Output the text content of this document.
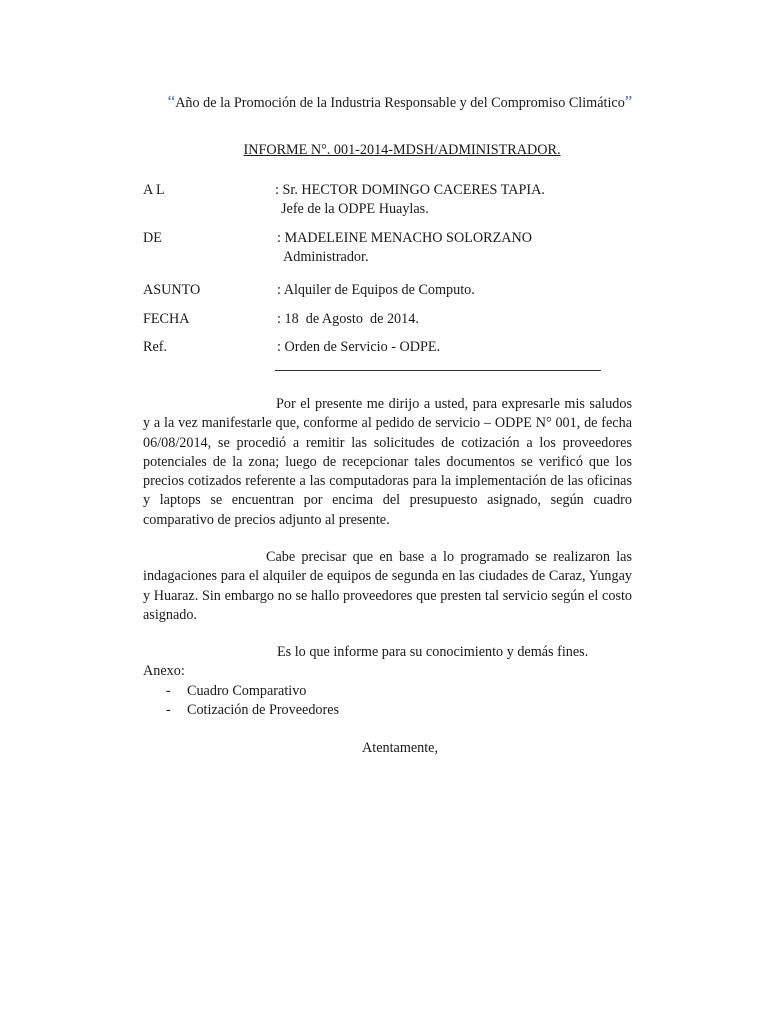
“Año de la Promoción de la Industria Responsable y del Compromiso Climático”
INFORME N°. 001-2014-MDSH/ADMINISTRADOR.
A L	: Sr. HECTOR DOMINGO CACERES TAPIA.
Jefe de la ODPE Huaylas.
DE	: MADELEINE MENACHO SOLORZANO
Administrador.
ASUNTO	: Alquiler de Equipos de Computo.
FECHA	: 18  de Agosto  de 2014.
Ref.	: Orden de Servicio - ODPE.
Por el presente me dirijo a usted, para expresarle mis saludos y a la vez manifestarle que, conforme al pedido de servicio – ODPE N° 001, de fecha 06/08/2014, se procedió a remitir las solicitudes de cotización a los proveedores potenciales de la zona; luego de recepcionar tales documentos se verificó que los precios cotizados referente a las computadoras para la implementación de las oficinas y laptops se encuentran por encima del presupuesto asignado, según cuadro comparativo de precios adjunto al presente.
Cabe precisar que en base a lo programado se realizaron las indagaciones para el alquiler de equipos de segunda en las ciudades de Caraz, Yungay y Huaraz. Sin embargo no se hallo proveedores que presten tal servicio según el costo asignado.
Es lo que informe para su conocimiento y demás fines.
Anexo:
- Cuadro Comparativo
- Cotización de Proveedores
Atentamente,
